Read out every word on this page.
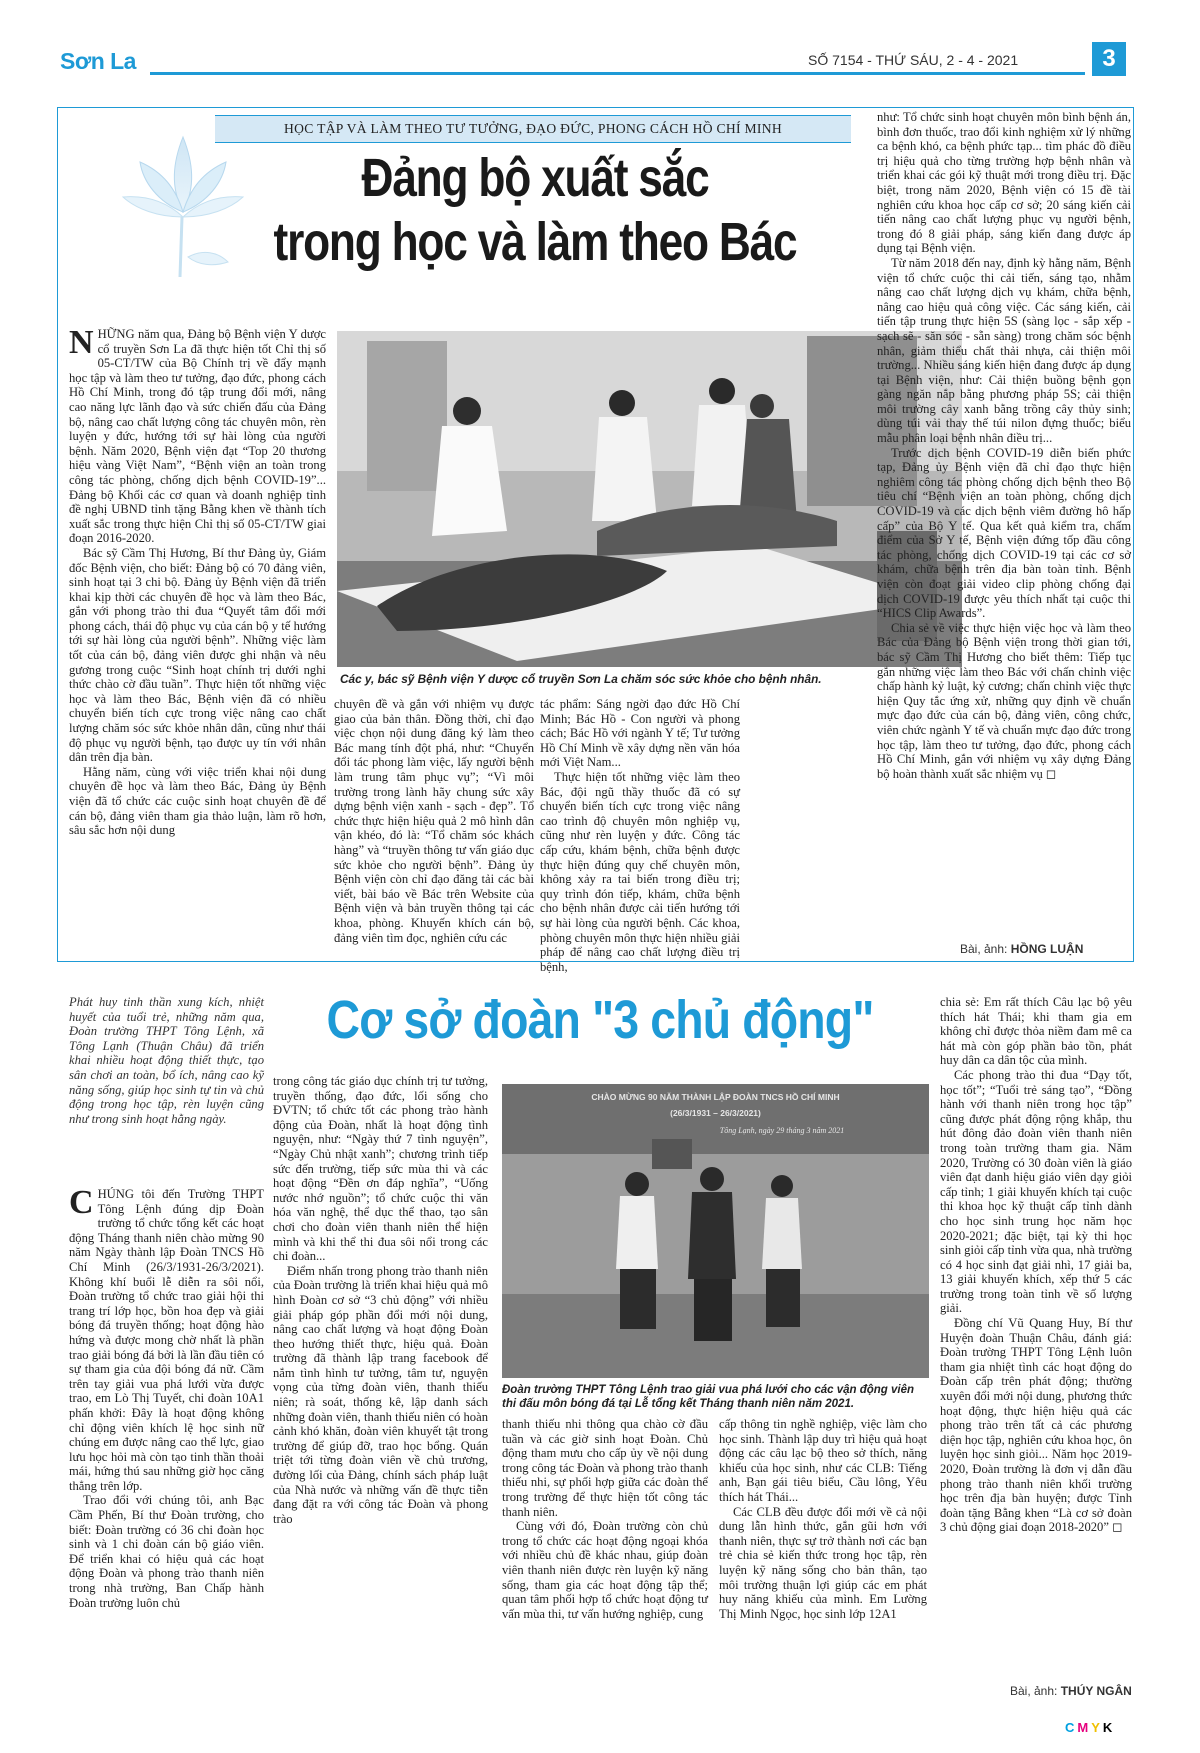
Sơn La	SỐ 7154 - THỨ SÁU, 2 - 4 - 2021	3
HỌC TẬP VÀ LÀM THEO TƯ TƯỞNG, ĐẠO ĐỨC, PHONG CÁCH HỒ CHÍ MINH
Đảng bộ xuất sắc
trong học và làm theo Bác

NHỮNG năm qua, Đảng bộ Bệnh viện Y dược cổ truyền Sơn La đã thực hiện tốt Chỉ thị số 05-CT/TW của Bộ Chính trị về đẩy mạnh học tập và làm theo tư tưởng, đạo đức, phong cách Hồ Chí Minh, trong đó tập trung đổi mới, nâng cao năng lực lãnh đạo và sức chiến đấu của Đảng bộ, nâng cao chất lượng công tác chuyên môn, rèn luyện y đức, hướng tới sự hài lòng của người bệnh. Năm 2020, Bệnh viện đạt “Top 20 thương hiệu vàng Việt Nam”, “Bệnh viện an toàn trong công tác phòng, chống dịch bệnh COVID-19”... Đảng bộ Khối các cơ quan và doanh nghiệp tỉnh đề nghị UBND tỉnh tặng Bằng khen về thành tích xuất sắc trong thực hiện Chỉ thị số 05-CT/TW giai đoạn 2016-2020.

Bác sỹ Cầm Thị Hương, Bí thư Đảng ủy, Giám đốc Bệnh viện, cho biết: Đảng bộ có 70 đảng viên, sinh hoạt tại 3 chi bộ. Đảng ủy Bệnh viện đã triển khai kịp thời các chuyên đề học và làm theo Bác, gắn với phong trào thi đua “Quyết tâm đổi mới phong cách, thái độ phục vụ của cán bộ y tế hướng tới sự hài lòng của người bệnh”. Những việc làm tốt của cán bộ, đảng viên được ghi nhận và nêu gương trong cuộc “Sinh hoạt chính trị dưới nghi thức chào cờ đầu tuần”. Thực hiện tốt những việc học và làm theo Bác, Bệnh viện đã có nhiều chuyển biến tích cực trong việc nâng cao chất lượng chăm sóc sức khỏe nhân dân, cũng như thái độ phục vụ người bệnh, tạo được uy tín với nhân dân trên địa bàn.

Hằng năm, cùng với việc triển khai nội dung chuyên đề học và làm theo Bác, Đảng ủy Bệnh viện đã tổ chức các cuộc sinh hoạt chuyên đề để cán bộ, đảng viên tham gia thảo luận, làm rõ hơn, sâu sắc hơn nội dung

Các y, bác sỹ Bệnh viện Y dược cổ truyền Sơn La chăm sóc sức khỏe cho bệnh nhân.

chuyên đề và gắn với nhiệm vụ được giao của bản thân. Đồng thời, chỉ đạo việc chọn nội dung đăng ký làm theo Bác mang tính đột phá, như: “Chuyển đổi tác phong làm việc, lấy người bệnh làm trung tâm phục vụ”; “Vì môi trường trong lành hãy chung sức xây dựng bệnh viện xanh - sạch - đẹp”. Tổ chức thực hiện hiệu quả 2 mô hình dân vận khéo, đó là: “Tổ chăm sóc khách hàng” và “truyền thông tư vấn giáo dục sức khỏe cho người bệnh”. Đảng ủy Bệnh viện còn chỉ đạo đăng tải các bài viết, bài báo về Bác trên Website của Bệnh viện và bản truyền thông tại các khoa, phòng. Khuyến khích cán bộ, đảng viên tìm đọc, nghiên cứu các

tác phẩm: Sáng ngời đạo đức Hồ Chí Minh; Bác Hồ - Con người và phong cách; Bác Hồ với ngành Y tế; Tư tưởng Hồ Chí Minh về xây dựng nền văn hóa mới Việt Nam...

Thực hiện tốt những việc làm theo Bác, đội ngũ thầy thuốc đã có sự chuyển biến tích cực trong việc nâng cao trình độ chuyên môn nghiệp vụ, cũng như rèn luyện y đức. Công tác cấp cứu, khám bệnh, chữa bệnh được thực hiện đúng quy chế chuyên môn, không xảy ra tai biến trong điều trị; quy trình đón tiếp, khám, chữa bệnh cho bệnh nhân được cải tiến hướng tới sự hài lòng của người bệnh. Các khoa, phòng chuyên môn thực hiện nhiều giải pháp để nâng cao chất lượng điều trị bệnh,

như: Tổ chức sinh hoạt chuyên môn bình bệnh án, bình đơn thuốc, trao đổi kinh nghiệm xử lý những ca bệnh khó, ca bệnh phức tạp... tìm phác đồ điều trị hiệu quả cho từng trường hợp bệnh nhân và triển khai các gói kỹ thuật mới trong điều trị. Đặc biệt, trong năm 2020, Bệnh viện có 15 đề tài nghiên cứu khoa học cấp cơ sở; 20 sáng kiến cải tiến nâng cao chất lượng phục vụ người bệnh, trong đó 8 giải pháp, sáng kiến đang được áp dụng tại Bệnh viện.

Từ năm 2018 đến nay, định kỳ hằng năm, Bệnh viện tổ chức cuộc thi cải tiến, sáng tạo, nhằm nâng cao chất lượng dịch vụ khám, chữa bệnh, nâng cao hiệu quả công việc. Các sáng kiến, cải tiến tập trung thực hiện 5S (sàng lọc - sắp xếp - sạch sẽ - săn sóc - sẵn sàng) trong chăm sóc bệnh nhân, giảm thiểu chất thải nhựa, cải thiện môi trường... Nhiều sáng kiến hiện đang được áp dụng tại Bệnh viện, như: Cải thiện buồng bệnh gọn gàng ngăn nắp bằng phương pháp 5S; cải thiện môi trường cây xanh bằng trồng cây thủy sinh; dùng túi vải thay thế túi nilon đựng thuốc; biểu mẫu phân loại bệnh nhân điều trị...

Trước dịch bệnh COVID-19 diễn biến phức tạp, Đảng ủy Bệnh viện đã chỉ đạo thực hiện nghiêm công tác phòng chống dịch bệnh theo Bộ tiêu chí “Bệnh viện an toàn phòng, chống dịch COVID-19 và các dịch bệnh viêm đường hô hấp cấp” của Bộ Y tế. Qua kết quả kiểm tra, chấm điểm của Sở Y tế, Bệnh viện đứng tốp đầu công tác phòng, chống dịch COVID-19 tại các cơ sở khám, chữa bệnh trên địa bàn toàn tỉnh. Bệnh viện còn đoạt giải video clip phòng chống đại dịch COVID-19 được yêu thích nhất tại cuộc thi “HICS Clip Awards”.

Chia sẻ về việc thực hiện việc học và làm theo Bác của Đảng bộ Bệnh viện trong thời gian tới, bác sỹ Cầm Thị Hương cho biết thêm: Tiếp tục gắn những việc làm theo Bác với chấn chỉnh việc chấp hành kỷ luật, kỷ cương; chấn chỉnh việc thực hiện Quy tắc ứng xử, những quy định về chuẩn mực đạo đức của cán bộ, đảng viên, công chức, viên chức ngành Y tế và chuẩn mực đạo đức trong học tập, làm theo tư tưởng, đạo đức, phong cách Hồ Chí Minh, gắn với nhiệm vụ xây dựng Đảng bộ hoàn thành xuất sắc nhiệm vụ ◻

Bài, ảnh: HỒNG LUẬN
Phát huy tinh thần xung kích, nhiệt huyết của tuổi trẻ, những năm qua, Đoàn trường THPT Tông Lệnh, xã Tông Lạnh (Thuận Châu) đã triển khai nhiều hoạt động thiết thực, tạo sân chơi an toàn, bổ ích, nâng cao kỹ năng sống, giúp học sinh tự tin và chủ động trong học tập, rèn luyện cũng như trong sinh hoạt hằng ngày.
Cơ sở đoàn "3 chủ động"

CHÚNG tôi đến Trường THPT Tông Lệnh đúng dịp Đoàn trường tổ chức tổng kết các hoạt động Tháng thanh niên chào mừng 90 năm Ngày thành lập Đoàn TNCS Hồ Chí Minh (26/3/1931-26/3/2021). Không khí buổi lễ diễn ra sôi nổi, Đoàn trường tổ chức trao giải hội thi trang trí lớp học, bồn hoa đẹp và giải bóng đá truyền thống; hoạt động hào hứng và được mong chờ nhất là phần trao giải bóng đá bởi là lần đầu tiên có sự tham gia của đội bóng đá nữ. Cầm trên tay giải vua phá lưới vừa được trao, em Lò Thị Tuyết, chi đoàn 10A1 phấn khởi: Đây là hoạt động không chỉ động viên khích lệ học sinh nữ chúng em được nâng cao thể lực, giao lưu học hỏi mà còn tạo tinh thần thoải mái, hứng thú sau những giờ học căng thẳng trên lớp.

Trao đổi với chúng tôi, anh Bạc Cầm Phến, Bí thư Đoàn trường, cho biết: Đoàn trường có 36 chi đoàn học sinh và 1 chi đoàn cán bộ giáo viên. Để triển khai có hiệu quả các hoạt động Đoàn và phong trào thanh niên trong nhà trường, Ban Chấp hành Đoàn trường luôn chủ

trong công tác giáo dục chính trị tư tưởng, truyền thống, đạo đức, lối sống cho ĐVTN; tổ chức tốt các phong trào hành động của Đoàn, nhất là hoạt động tình nguyện, như: “Ngày thứ 7 tình nguyện”, “Ngày Chủ nhật xanh”; chương trình tiếp sức đến trường, tiếp sức mùa thi và các hoạt động “Đền ơn đáp nghĩa”, “Uống nước nhớ nguồn”; tổ chức cuộc thi văn hóa văn nghệ, thể dục thể thao, tạo sân chơi cho đoàn viên thanh niên thể hiện mình và khi thể thi đua sôi nổi trong các chi đoàn...

Điểm nhấn trong phong trào thanh niên của Đoàn trường là triển khai hiệu quả mô hình Đoàn cơ sở “3 chủ động” với nhiều giải pháp góp phần đổi mới nội dung, nâng cao chất lượng và hoạt động Đoàn theo hướng thiết thực, hiệu quả. Đoàn trường đã thành lập trang facebook để nắm tình hình tư tưởng, tâm tư, nguyện vọng của từng đoàn viên, thanh thiếu niên; rà soát, thống kê, lập danh sách những đoàn viên, thanh thiếu niên có hoàn cảnh khó khăn, đoàn viên khuyết tật trong trường để giúp đỡ, trao học bổng. Quán triệt tới từng đoàn viên về chủ trương, đường lối của Đảng, chính sách pháp luật của Nhà nước và những vấn đề thực tiễn đang đặt ra với công tác Đoàn và phong trào

CHÀO MỪNG 90 NĂM THÀNH LẬP ĐOÀN TNCS HỒ CHÍ MINH
(26/3/1931 – 26/3/2021)
Tông Lạnh, ngày 29 tháng 3 năm 2021
Đoàn trường THPT Tông Lệnh trao giải vua phá lưới cho các vận động viên thi đấu môn bóng đá tại Lễ tổng kết Tháng thanh niên năm 2021.

thanh thiếu nhi thông qua chào cờ đầu tuần và các giờ sinh hoạt Đoàn. Chủ động tham mưu cho cấp ủy về nội dung trong công tác Đoàn và phong trào thanh thiếu nhi, sự phối hợp giữa các đoàn thể trong trường để thực hiện tốt công tác thanh niên.

Cùng với đó, Đoàn trường còn chủ trong tổ chức các hoạt động ngoại khóa với nhiều chủ đề khác nhau, giúp đoàn viên thanh niên được rèn luyện kỹ năng sống, tham gia các hoạt động tập thể; quan tâm phối hợp tổ chức hoạt động tư vấn mùa thi, tư vấn hướng nghiệp, cung

cấp thông tin nghề nghiệp, việc làm cho học sinh. Thành lập duy trì hiệu quả hoạt động các câu lạc bộ theo sở thích, năng khiếu của học sinh, như các CLB: Tiếng anh, Bạn gái tiêu biểu, Cầu lông, Yêu thích hát Thái...

Các CLB đều được đổi mới về cả nội dung lẫn hình thức, gắn gũi hơn với thanh niên, thực sự trở thành nơi các bạn trẻ chia sẻ kiến thức trong học tập, rèn luyện kỹ năng sống cho bản thân, tạo môi trường thuận lợi giúp các em phát huy năng khiếu của mình. Em Lường Thị Minh Ngọc, học sinh lớp 12A1

chia sẻ: Em rất thích Câu lạc bộ yêu thích hát Thái; khi tham gia em không chỉ được thỏa niềm đam mê ca hát mà còn góp phần bảo tồn, phát huy dân ca dân tộc của mình.

Các phong trào thi đua “Dạy tốt, học tốt”; “Tuổi trẻ sáng tạo”, “Đồng hành với thanh niên trong học tập” cũng được phát động rộng khắp, thu hút đông đảo đoàn viên thanh niên trong toàn trường tham gia. Năm 2020, Trường có 30 đoàn viên là giáo viên đạt danh hiệu giáo viên dạy giỏi cấp tỉnh; 1 giải khuyến khích tại cuộc thi khoa học kỹ thuật cấp tỉnh dành cho học sinh trung học năm học 2020-2021; đặc biệt, tại kỳ thi học sinh giỏi cấp tỉnh vừa qua, nhà trường có 4 học sinh đạt giải nhì, 17 giải ba, 13 giải khuyến khích, xếp thứ 5 các trường trong toàn tỉnh về số lượng giải.

Đồng chí Vũ Quang Huy, Bí thư Huyện đoàn Thuận Châu, đánh giá: Đoàn trường THPT Tông Lệnh luôn tham gia nhiệt tình các hoạt động do Đoàn cấp trên phát động; thường xuyên đổi mới nội dung, phương thức hoạt động, thực hiện hiệu quả các phong trào trên tất cả các phương diện học tập, nghiên cứu khoa học, ôn luyện học sinh giỏi... Năm học 2019-2020, Đoàn trường là đơn vị dẫn đầu phong trào thanh niên khối trường học trên địa bàn huyện; được Tỉnh đoàn tặng Bằng khen “Là cơ sở đoàn 3 chủ động giai đoạn 2018-2020” ◻

Bài, ảnh: THÚY NGÂN
CMYK
